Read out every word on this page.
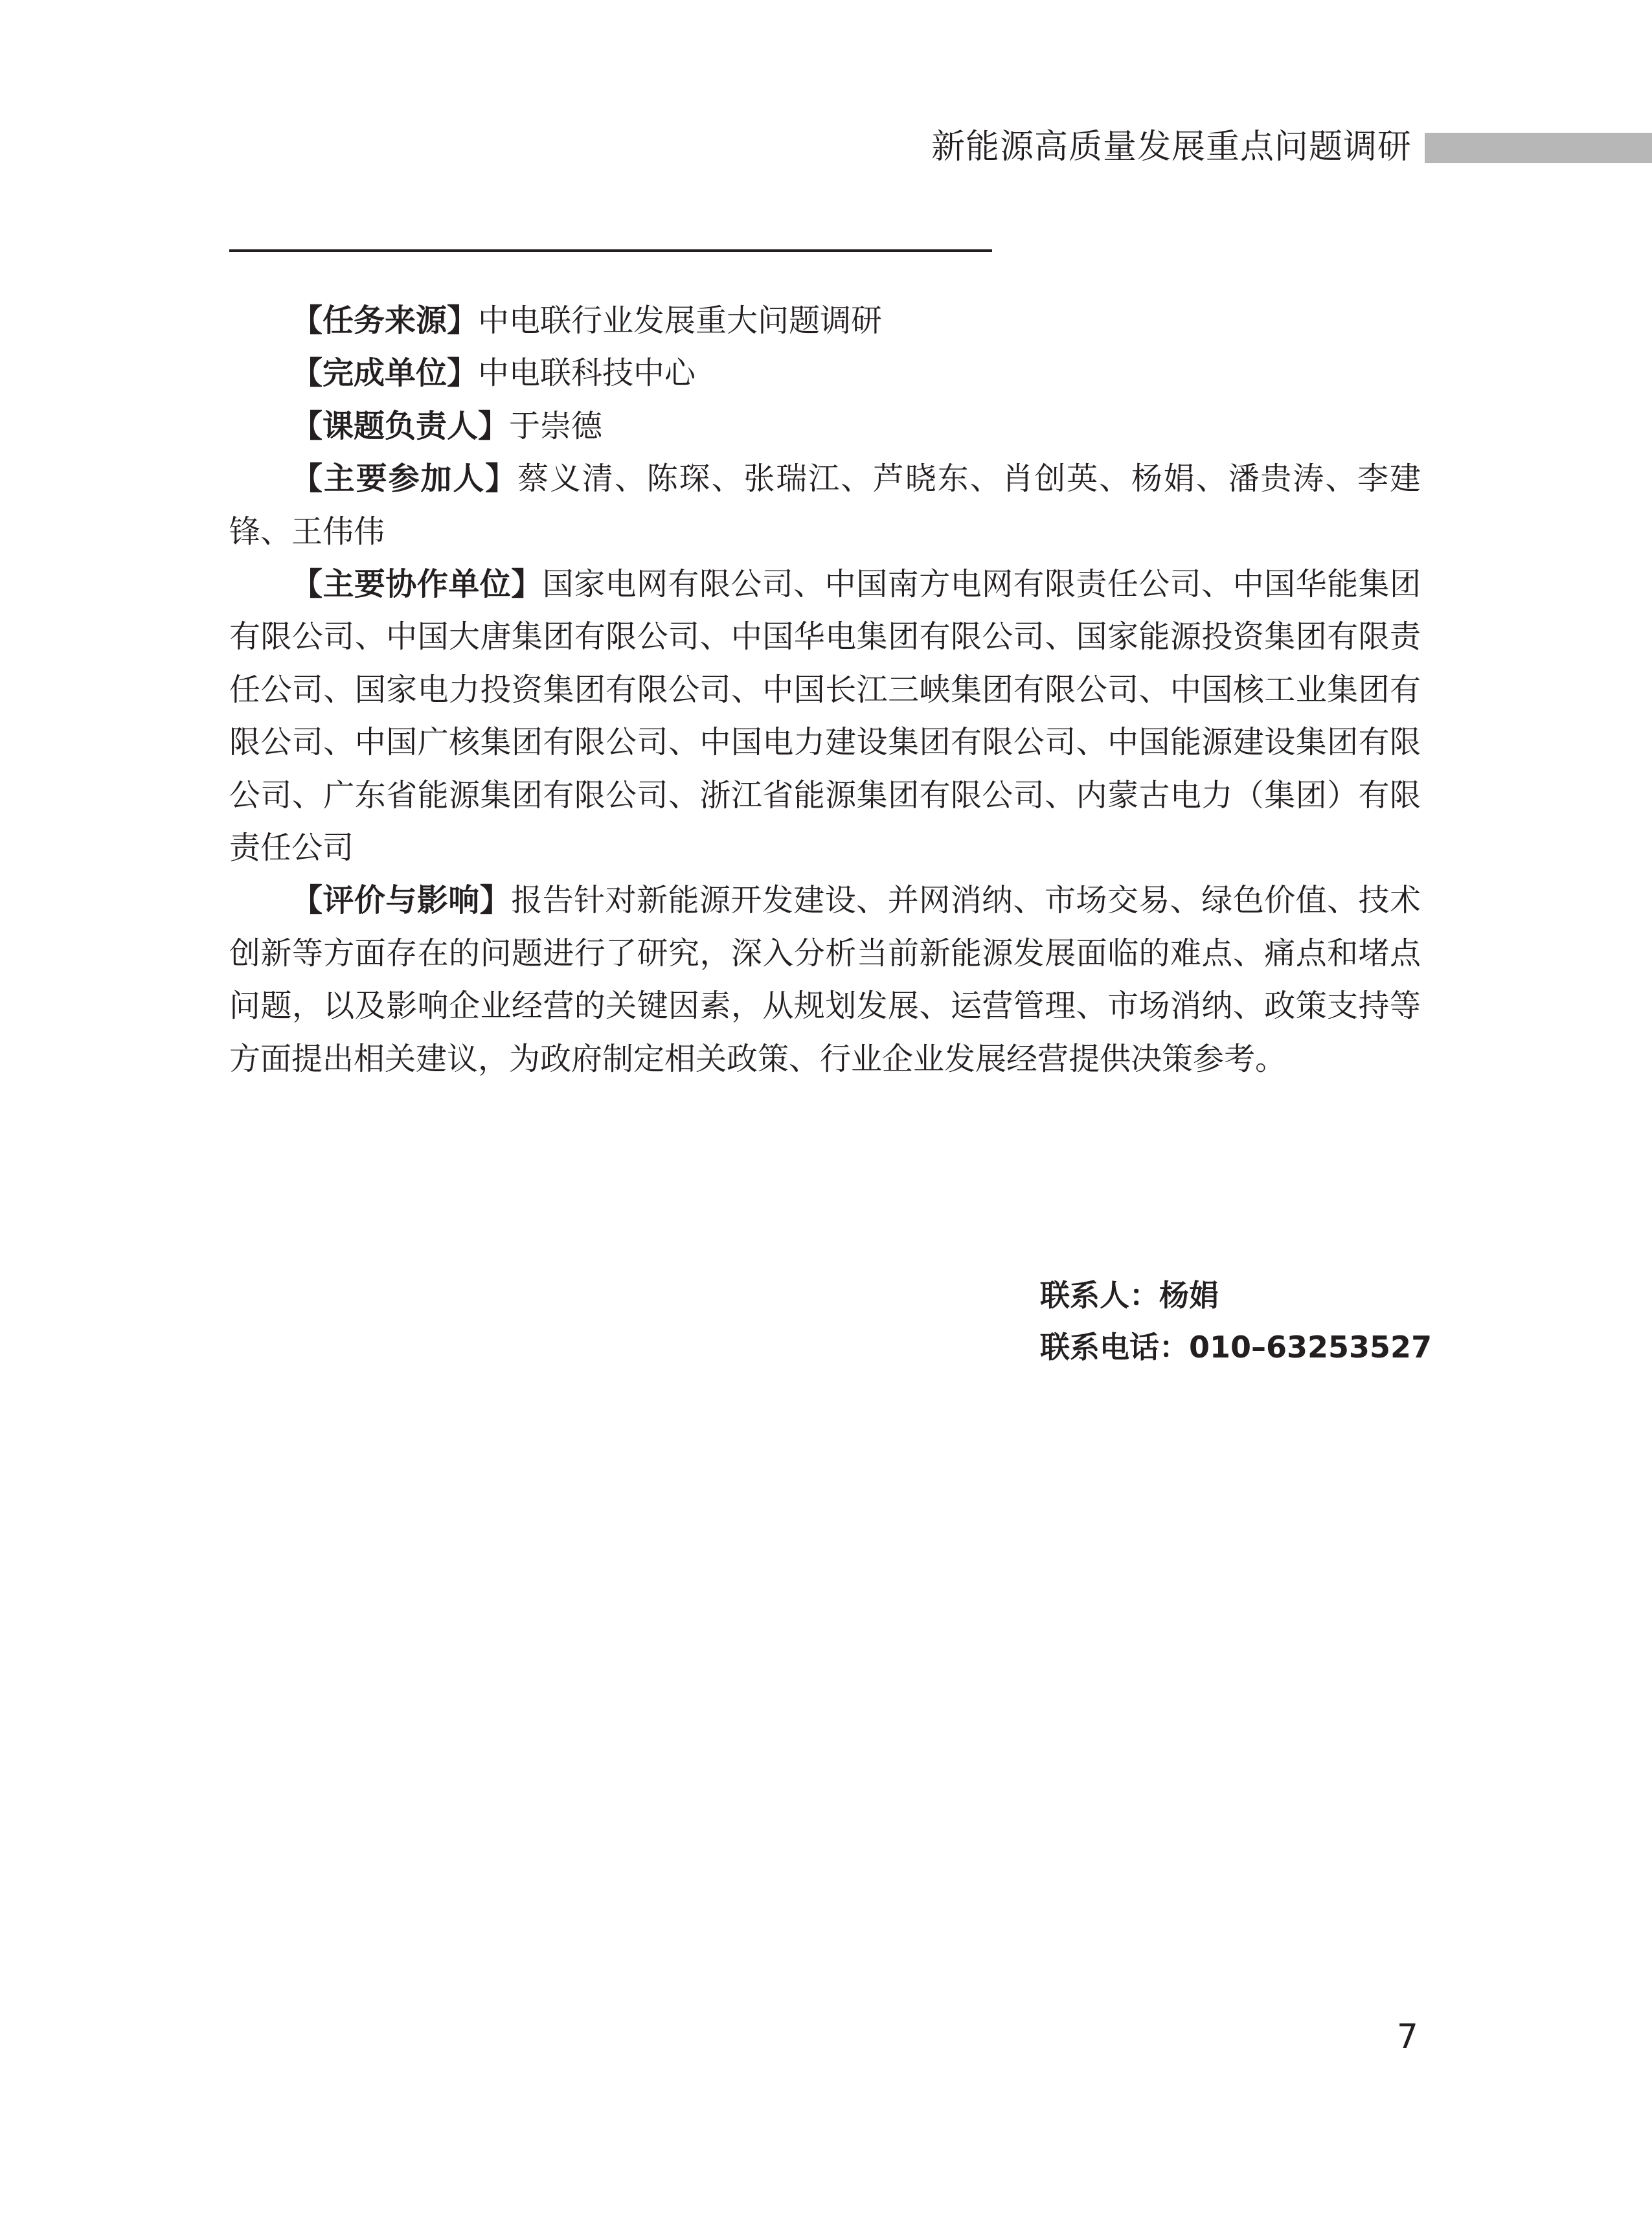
新能源高质量发展重点问题调研

【任务来源】中电联行业发展重大问题调研

【完成单位】中电联科技中心

【课题负责人】于崇德

【主要参加人】蔡义清、陈琛、张瑞江、芦晓东、肖创英、杨娟、潘贵涛、李建锋、王伟伟

【主要协作单位】国家电网有限公司、中国南方电网有限责任公司、中国华能集团有限公司、中国大唐集团有限公司、中国华电集团有限公司、国家能源投资集团有限责任公司、国家电力投资集团有限公司、中国长江三峡集团有限公司、中国核工业集团有限公司、中国广核集团有限公司、中国电力建设集团有限公司、中国能源建设集团有限公司、广东省能源集团有限公司、浙江省能源集团有限公司、内蒙古电力（集团）有限责任公司

【评价与影响】报告针对新能源开发建设、并网消纳、市场交易、绿色价值、技术创新等方面存在的问题进行了研究，深入分析当前新能源发展面临的难点、痛点和堵点问题，以及影响企业经营的关键因素，从规划发展、运营管理、市场消纳、政策支持等方面提出相关建议，为政府制定相关政策、行业企业发展经营提供决策参考。

联系人：杨娟
联系电话：010–63253527
7
